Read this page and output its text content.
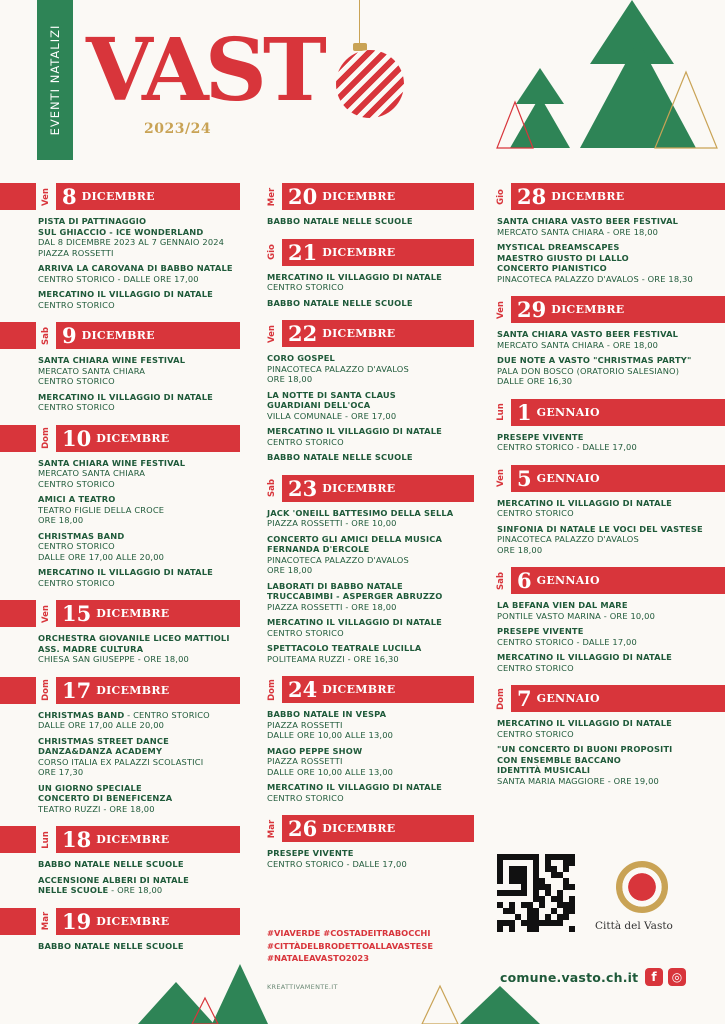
EVENTI NATALIZI VAST
2023/24
Ven 8 DICEMBRE
PISTA DI PATTINAGGIO
SUL GHIACCIO - ICE WONDERLAND
DAL 8 DICEMBRE 2023 AL 7 GENNAIO 2024
PIAZZA ROSSETTI
ARRIVA LA CAROVANA DI BABBO NATALE
CENTRO STORICO - DALLE ORE 17,00
MERCATINO IL VILLAGGIO DI NATALE
CENTRO STORICO
Sab 9 DICEMBRE
SANTA CHIARA WINE FESTIVAL
MERCATO SANTA CHIARA
CENTRO STORICO
MERCATINO IL VILLAGGIO DI NATALE
CENTRO STORICO
Dom 10 DICEMBRE
SANTA CHIARA WINE FESTIVAL
MERCATO SANTA CHIARA
CENTRO STORICO
AMICI A TEATRO
TEATRO FIGLIE DELLA CROCE
ORE 18,00
CHRISTMAS BAND
CENTRO STORICO
DALLE ORE 17,00 ALLE 20,00
MERCATINO IL VILLAGGIO DI NATALE
CENTRO STORICO
Ven 15 DICEMBRE
ORCHESTRA GIOVANILE LICEO MATTIOLI
ASS. MADRE CULTURA
CHIESA SAN GIUSEPPE - ORE 18,00
Dom 17 DICEMBRE
CHRISTMAS BAND - CENTRO STORICO
DALLE ORE 17,00 ALLE 20,00
CHRISTMAS STREET DANCE
DANZA&DANZA ACADEMY
CORSO ITALIA EX PALAZZI SCOLASTICI
ORE 17,30
UN GIORNO SPECIALE
CONCERTO DI BENEFICENZA
TEATRO RUZZI - ORE 18,00
Lun 18 DICEMBRE
BABBO NATALE NELLE SCUOLE
ACCENSIONE ALBERI DI NATALE
NELLE SCUOLE - ORE 18,00
Mar 19 DICEMBRE
BABBO NATALE NELLE SCUOLE
Mer 20 DICEMBRE
BABBO NATALE NELLE SCUOLE
Gio 21 DICEMBRE
MERCATINO IL VILLAGGIO DI NATALE
CENTRO STORICO
BABBO NATALE NELLE SCUOLE
Ven 22 DICEMBRE
CORO GOSPEL
PINACOTECA PALAZZO D'AVALOS
ORE 18,00
LA NOTTE DI SANTA CLAUS
GUARDIANI DELL'OCA
VILLA COMUNALE - ORE 17,00
MERCATINO IL VILLAGGIO DI NATALE
CENTRO STORICO
BABBO NATALE NELLE SCUOLE
Sab 23 DICEMBRE
JACK 'ONEILL BATTESIMO DELLA SELLA
PIAZZA ROSSETTI - ORE 10,00
CONCERTO GLI AMICI DELLA MUSICA
FERNANDA D'ERCOLE
PINACOTECA PALAZZO D'AVALOS
ORE 18,00
LABORATI DI BABBO NATALE
TRUCCABIMBI - ASPERGER ABRUZZO
PIAZZA ROSSETTI - ORE 18,00
MERCATINO IL VILLAGGIO DI NATALE
CENTRO STORICO
SPETTACOLO TEATRALE LUCILLA
POLITEAMA RUZZI - ORE 16,30
Dom 24 DICEMBRE
BABBO NATALE IN VESPA
PIAZZA ROSSETTI
DALLE ORE 10,00 ALLE 13,00
MAGO PEPPE SHOW
PIAZZA ROSSETTI
DALLE ORE 10,00 ALLE 13,00
MERCATINO IL VILLAGGIO DI NATALE
CENTRO STORICO
Mar 26 DICEMBRE
PRESEPE VIVENTE
CENTRO STORICO - DALLE 17,00
Gio 28 DICEMBRE
SANTA CHIARA VASTO BEER FESTIVAL
MERCATO SANTA CHIARA - ORE 18,00
MYSTICAL DREAMSCAPES
MAESTRO GIUSTO DI LALLO
CONCERTO PIANISTICO
PINACOTECA PALAZZO D'AVALOS - ORE 18,30
Ven 29 DICEMBRE
SANTA CHIARA VASTO BEER FESTIVAL
MERCATO SANTA CHIARA - ORE 18,00
DUE NOTE A VASTO "CHRISTMAS PARTY"
PALA DON BOSCO (ORATORIO SALESIANO)
DALLE ORE 16,30
Lun 1 GENNAIO
PRESEPE VIVENTE
CENTRO STORICO - DALLE 17,00
Ven 5 GENNAIO
MERCATINO IL VILLAGGIO DI NATALE
CENTRO STORICO
SINFONIA DI NATALE LE VOCI DEL VASTESE
PINACOTECA PALAZZO D'AVALOS
ORE 18,00
Sab 6 GENNAIO
LA BEFANA VIEN DAL MARE
PONTILE VASTO MARINA - ORE 10,00
PRESEPE VIVENTE
CENTRO STORICO - DALLE 17,00
MERCATINO IL VILLAGGIO DI NATALE
CENTRO STORICO
Dom 7 GENNAIO
MERCATINO IL VILLAGGIO DI NATALE
CENTRO STORICO
"UN CONCERTO DI BUONI PROPOSITI
CON ENSEMBLE BACCANO
IDENTITÀ MUSICALI
SANTA MARIA MAGGIORE - ORE 19,00
#VIAVERDE #COSTADEITRABOCCHI
#CITTÀDELBRODETTOALLAVASTESE
#NATALEAVASTO2023
KREATTIVAMENTE.IT
Città del Vasto
comune.vasto.ch.it	f	◎
